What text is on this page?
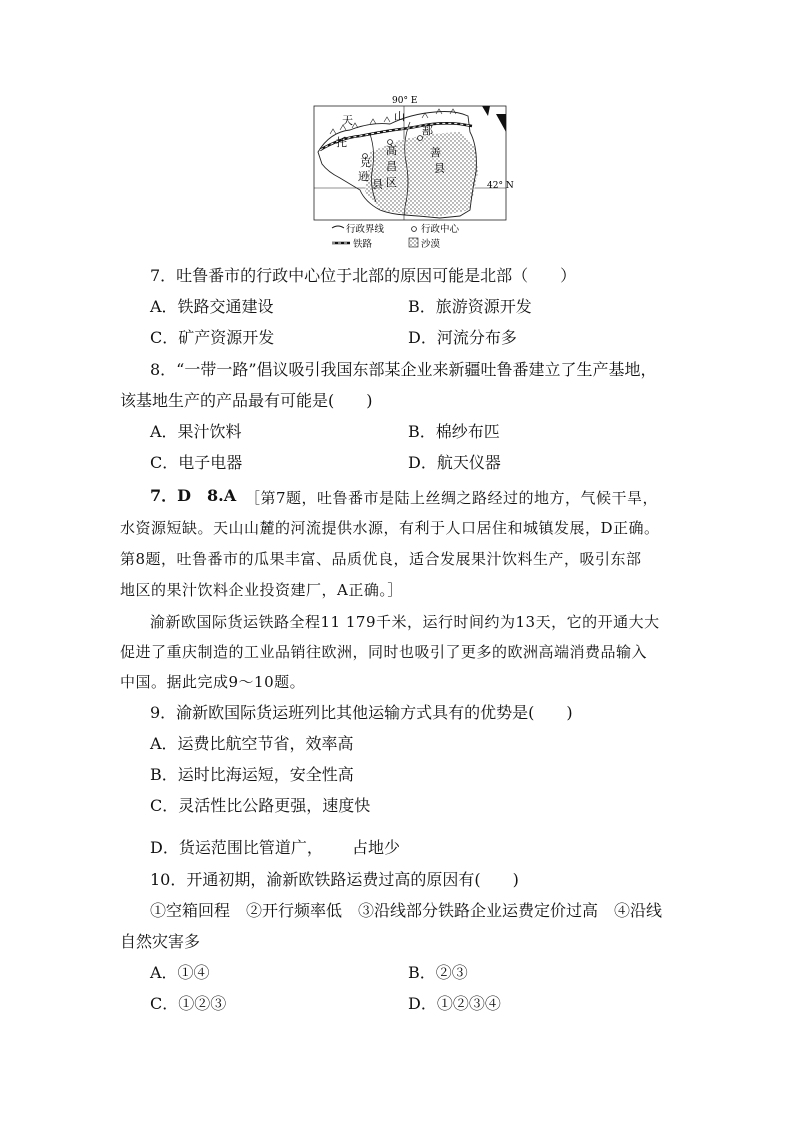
90° E
42° N
天	山
托
克
逊
县
高
昌
区
鄯
善
县
行政界线	行政中心
铁路	沙漠
7．吐鲁番市的行政中心位于北部的原因可能是北部（　　）
A．铁路交通建设	B．旅游资源开发
C．矿产资源开发	D．河流分布多
8．“一带一路”倡议吸引我国东部某企业来新疆吐鲁番建立了生产基地，
该基地生产的产品最有可能是(　　)
A．果汁饮料	B．棉纱布匹
C．电子电器	D．航天仪器
7．D　8.A ［第7题，吐鲁番市是陆上丝绸之路经过的地方，气候干旱，
水资源短缺。天山山麓的河流提供水源，有利于人口居住和城镇发展，D正确。
第8题，吐鲁番市的瓜果丰富、品质优良，适合发展果汁饮料生产，吸引东部
地区的果汁饮料企业投资建厂，A正确。］
渝新欧国际货运铁路全程11 179千米，运行时间约为13天，它的开通大大
促进了重庆制造的工业品销往欧洲，同时也吸引了更多的欧洲高端消费品输入
中国。据此完成9～10题。
9．渝新欧国际货运班列比其他运输方式具有的优势是(　　)
A．运费比航空节省，效率高
B．运时比海运短，安全性高
C．灵活性比公路更强，速度快
D．货运范围比管道广， 占地少
10．开通初期，渝新欧铁路运费过高的原因有(　　)
①空箱回程　②开行频率低　③沿线部分铁路企业运费定价过高　④沿线
自然灾害多
A．①④	B．②③
C．①②③	D．①②③④
